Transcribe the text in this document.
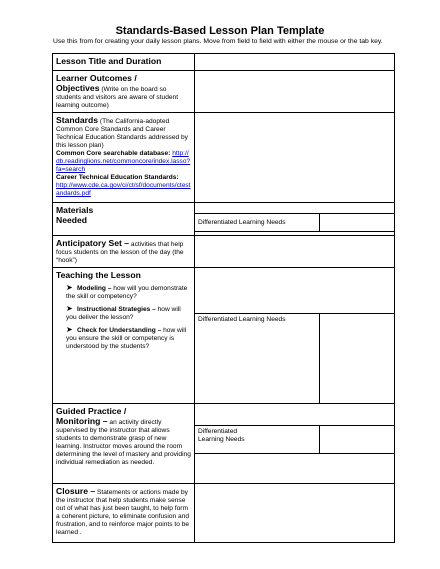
Standards-Based Lesson Plan Template
Use this from for creating your daily lesson plans. Move from field to field with either the mouse or the tab key.
Lesson Title and Duration		

Learner Outcomes /
Objectives (Write on the board so students and visitors are aware of student learning outcome)		

Standards (The California-adopted Common Core Standards and Career Technical Education Standards addressed by this lesson plan)
Common Core searchable database: http://db.readinglions.net/commoncore/index.lasso?fa=search
Career Technical Education Standards:
http://www.cde.ca.gov/ci/ct/sf/documents/ctestandards.pdf		

Materials
Needed		

	Differentiated Learning Needs	

Anticipatory Set – activities that help focus students on the lesson of the day (the “hook”)		

Teaching the Lesson
➤ Modeling – how will you demonstrate the skill or competency?
➤ Instructional Strategies – how will you deliver the lesson?
➤ Check for Understanding – how will you ensure the skill or competency is understood by the students?		

	Differentiated Learning Needs	

Guided Practice /
Monitoring – an activity directly supervised by the instructor that allows students to demonstrate grasp of new learning. Instructor moves around the room determining the level of mastery and providing individual remediation as needed.		

	Differentiated
Learning Needs	

Closure – Statements or actions made by the instructor that help students make sense out of what has just been taught, to help form a coherent picture, to eliminate confusion and frustration, and to reinforce major points to be learned .		
